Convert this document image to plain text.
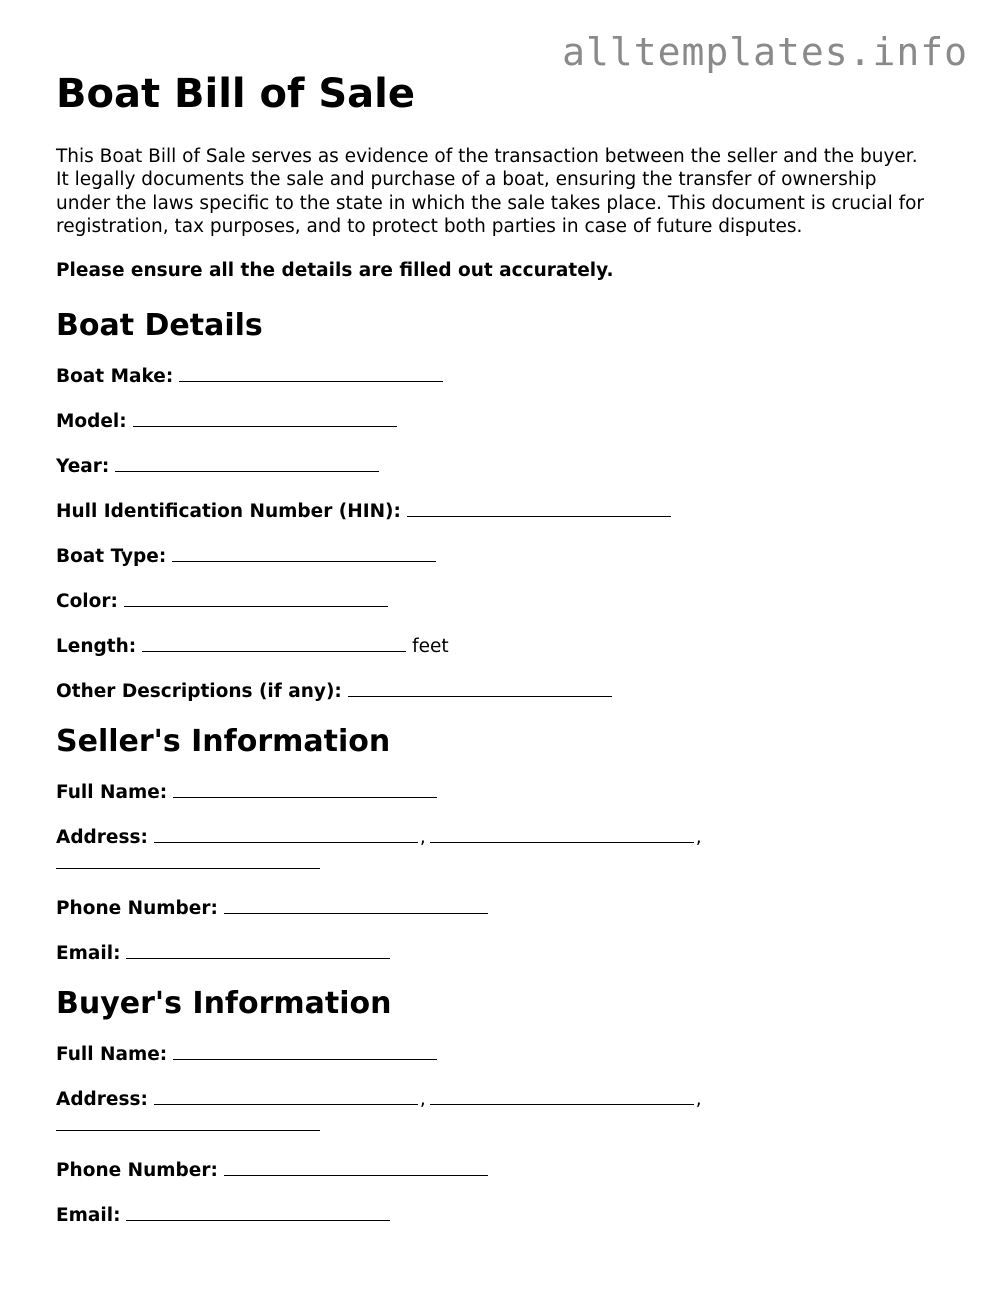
alltemplates.info
Boat Bill of Sale

This Boat Bill of Sale serves as evidence of the transaction between the seller and the buyer. It legally documents the sale and purchase of a boat, ensuring the transfer of ownership under the laws specific to the state in which the sale takes place. This document is crucial for registration, tax purposes, and to protect both parties in case of future disputes.

Please ensure all the details are filled out accurately.

Boat Details
Boat Make:
Model:
Year:
Hull Identification Number (HIN):
Boat Type:
Color:
Length:	feet
Other Descriptions (if any):
Seller's Information
Full Name:
Address:	,	,
Phone Number:
Email:
Buyer's Information
Full Name:
Address:	,	,
Phone Number:
Email:
